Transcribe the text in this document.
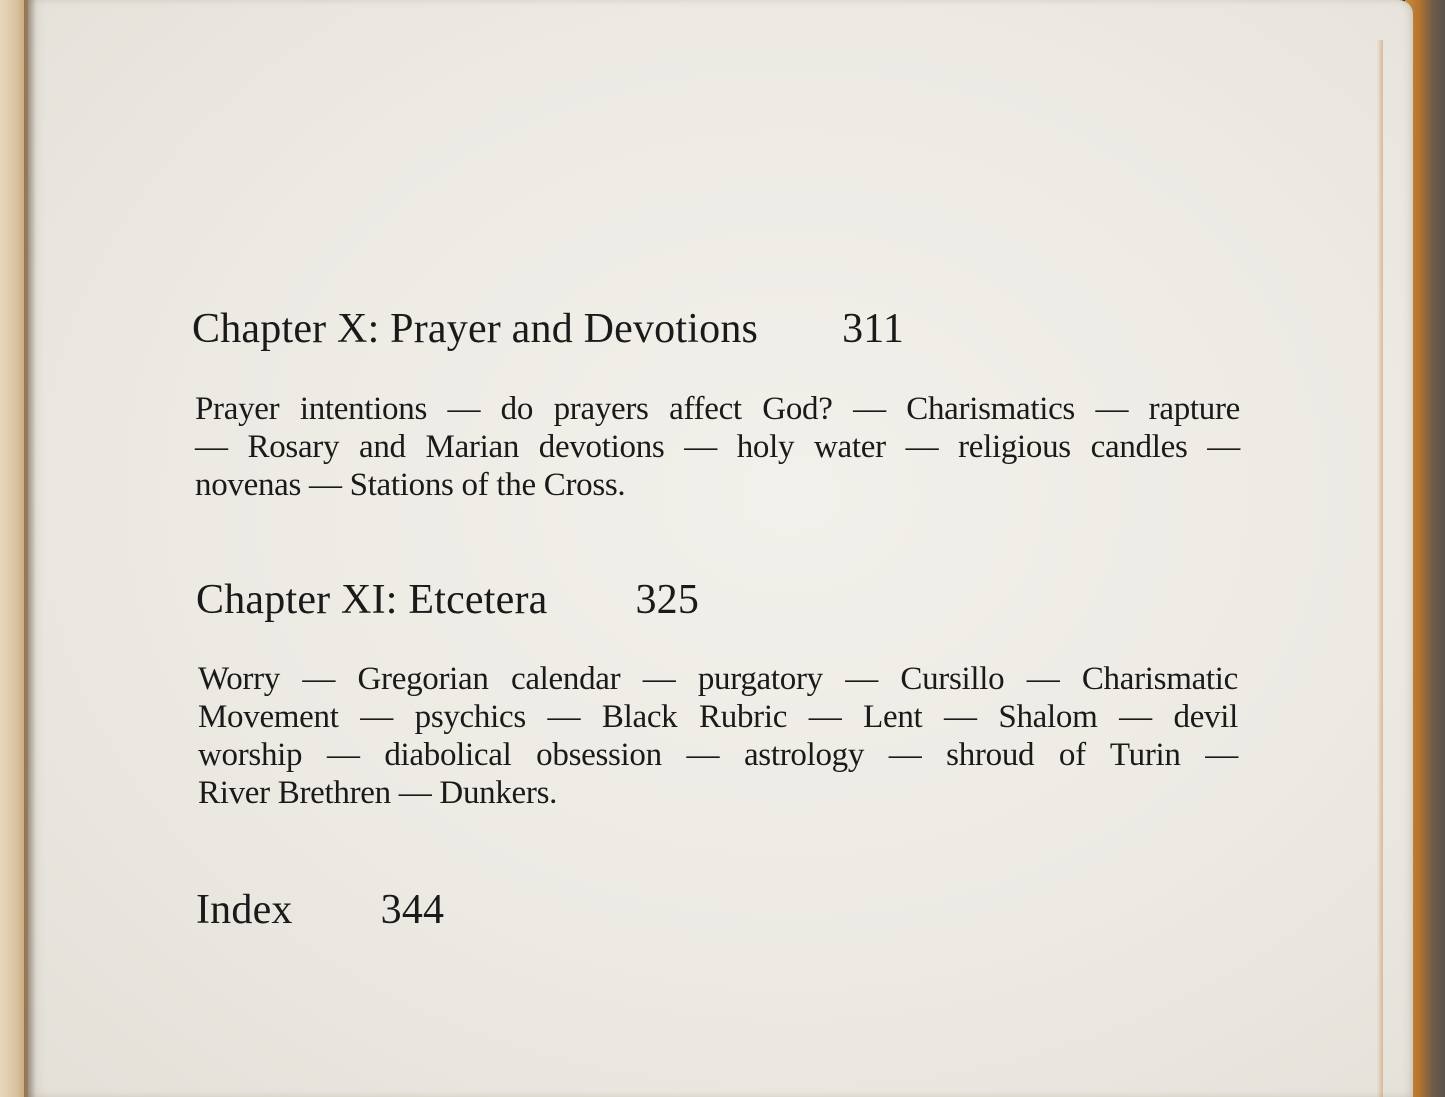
Chapter X: Prayer and Devotions 311

Prayer intentions — do prayers affect God? — Charismatics — rapture
— Rosary and Marian devotions — holy water — religious candles —
novenas — Stations of the Cross.

Chapter XI: Etcetera 325

Worry — Gregorian calendar — purgatory — Cursillo — Charismatic
Movement — psychics — Black Rubric — Lent — Shalom — devil
worship — diabolical obsession — astrology — shroud of Turin —
River Brethren — Dunkers.

Index 344
